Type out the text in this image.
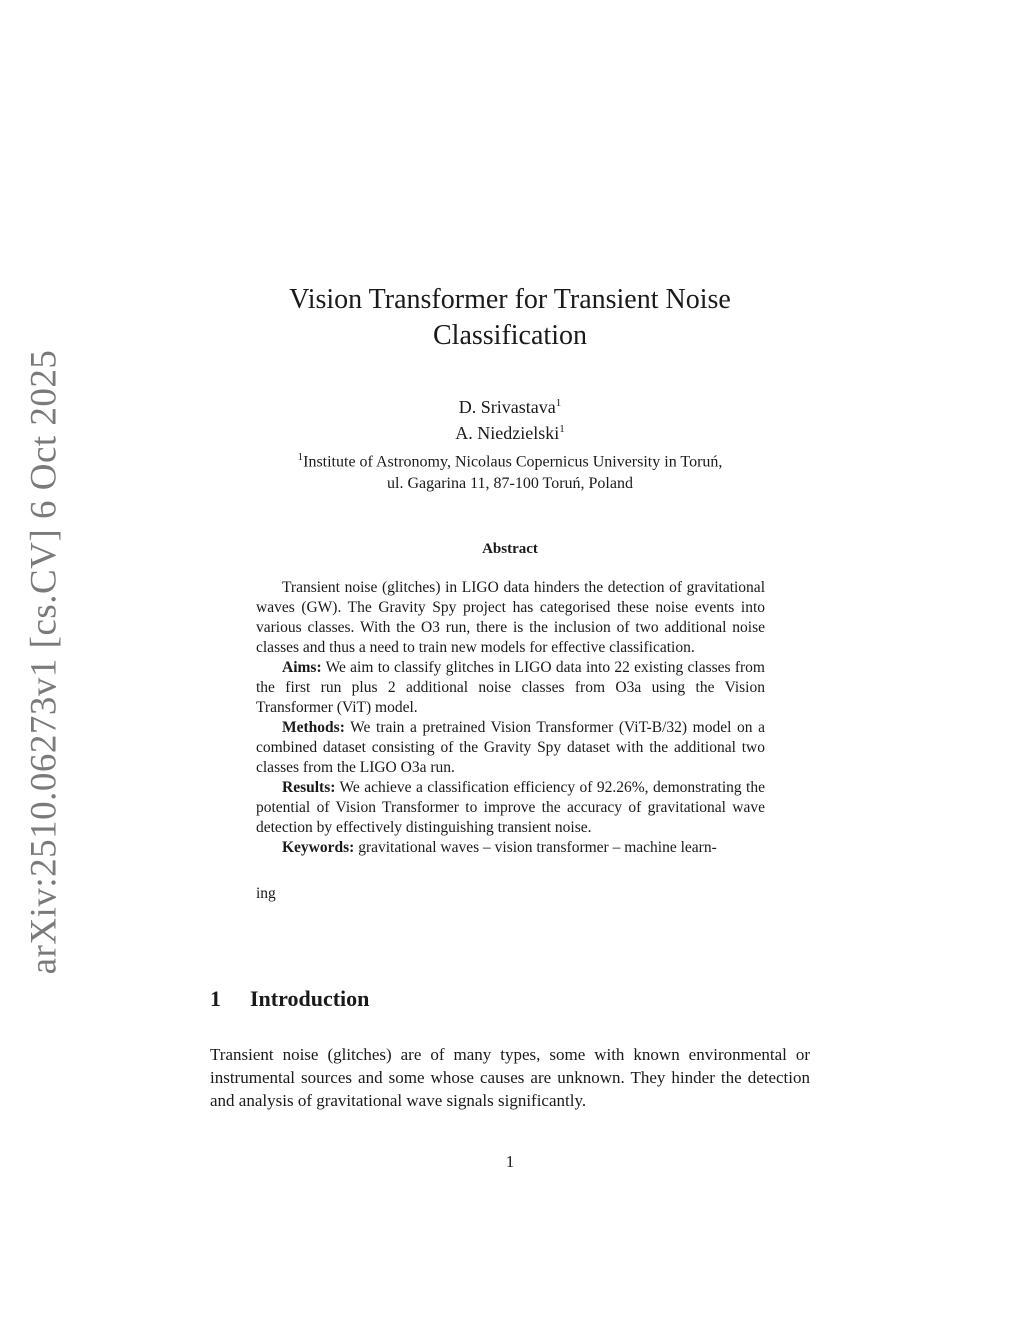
arXiv:2510.06273v1 [cs.CV] 6 Oct 2025
Vision Transformer for Transient Noise
Classification
D. Srivastava$^1$
A. Niedzielski$^1$
$^1$Institute of Astronomy, Nicolaus Copernicus University in Toruń,
ul. Gagarina 11, 87-100 Toruń, Poland
Abstract

Transient noise (glitches) in LIGO data hinders the detection of gravitational waves (GW). The Gravity Spy project has categorised these noise events into various classes. With the O3 run, there is the inclusion of two additional noise classes and thus a need to train new models for effective classification.

Aims: We aim to classify glitches in LIGO data into 22 existing classes from the first run plus 2 additional noise classes from O3a using the Vision Transformer (ViT) model.

Methods: We train a pretrained Vision Transformer (ViT-B/32) model on a combined dataset consisting of the Gravity Spy dataset with the additional two classes from the LIGO O3a run.

Results: We achieve a classification efficiency of 92.26%, demonstrating the potential of Vision Transformer to improve the accuracy of gravitational wave detection by effectively distinguishing transient noise.

Keywords: gravitational waves – vision transformer – machine learn-

ing
1 Introduction

Transient noise (glitches) are of many types, some with known environmental or instrumental sources and some whose causes are unknown. They hinder the detection and analysis of gravitational wave signals significantly.

1
